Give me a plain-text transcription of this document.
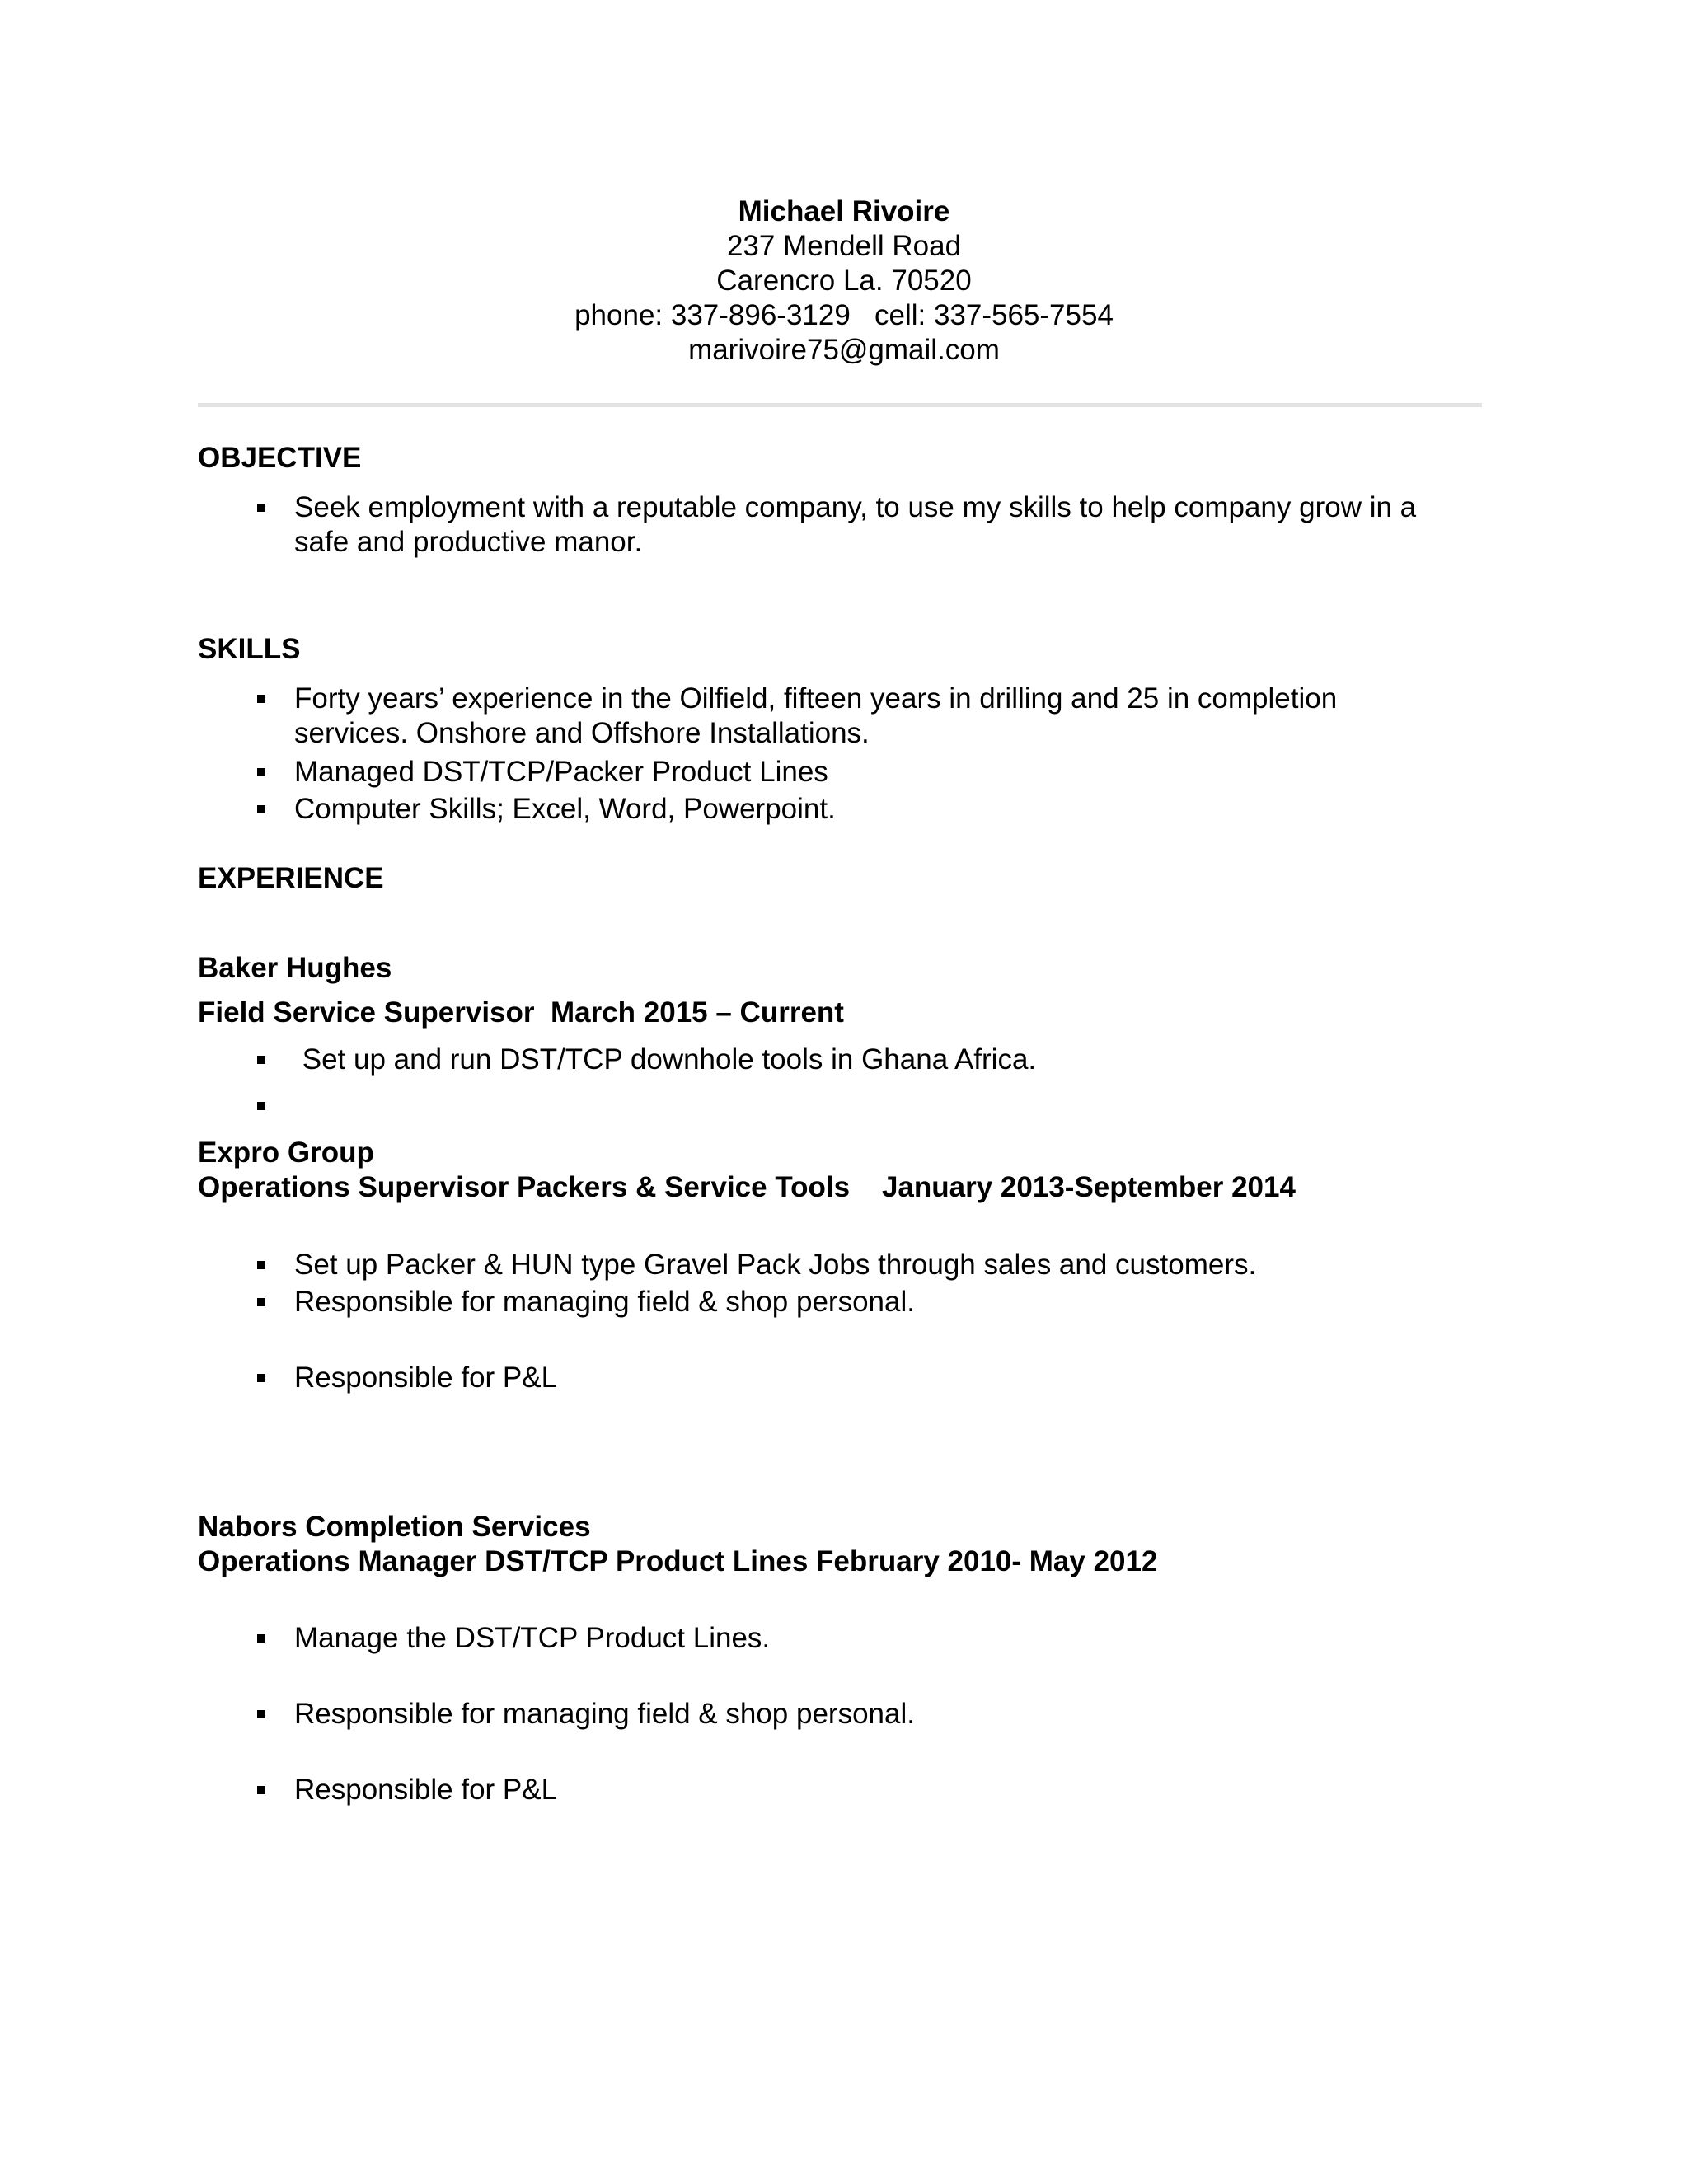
Michael Rivoire
237 Mendell Road
Carencro La. 70520
phone: 337-896-3129   cell: 337-565-7554
marivoire75@gmail.com
OBJECTIVE
Seek employment with a reputable company, to use my skills to help company grow in a
safe and productive manor.
SKILLS
Forty years’ experience in the Oilfield, fifteen years in drilling and 25 in completion
services. Onshore and Offshore Installations.
Managed DST/TCP/Packer Product Lines
Computer Skills; Excel, Word, Powerpoint.
EXPERIENCE
Baker Hughes
Field Service Supervisor  March 2015 – Current
Set up and run DST/TCP downhole tools in Ghana Africa.
Expro Group
Operations Supervisor Packers & Service Tools    January 2013-September 2014
Set up Packer & HUN type Gravel Pack Jobs through sales and customers.
Responsible for managing field & shop personal.
Responsible for P&L
Nabors Completion Services
Operations Manager DST/TCP Product Lines February 2010- May 2012
Manage the DST/TCP Product Lines.
Responsible for managing field & shop personal.
Responsible for P&L
